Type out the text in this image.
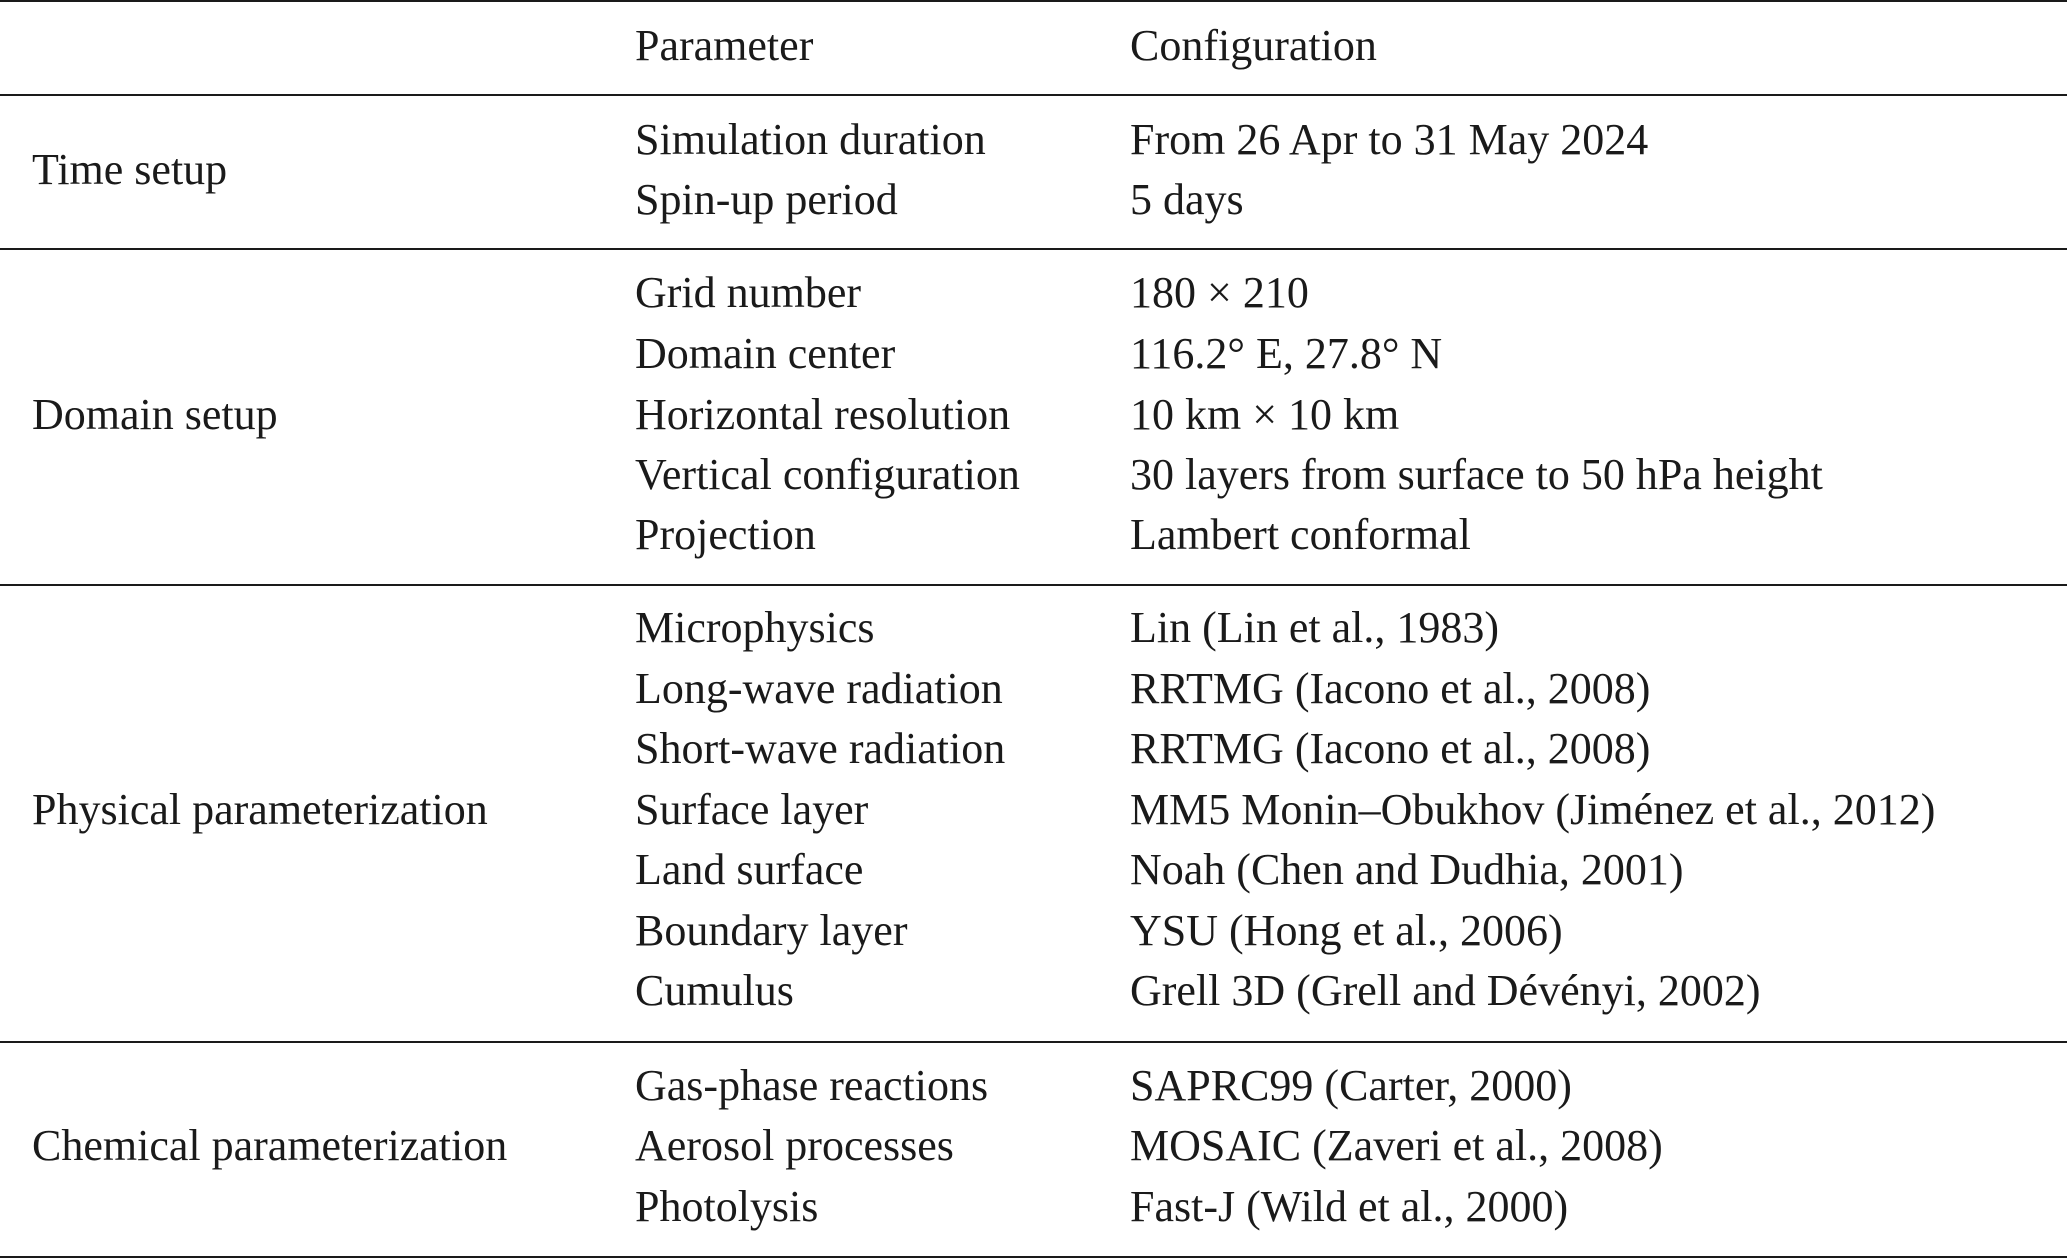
Parameter	Configuration
Time setup
Simulation duration	From 26 Apr to 31 May 2024
Spin-up period	5 days
Domain setup
Grid number	180 × 210
Domain center	116.2° E, 27.8° N
Horizontal resolution	10 km × 10 km
Vertical configuration	30 layers from surface to 50 hPa height
Projection	Lambert conformal
Physical parameterization
Microphysics	Lin (Lin et al., 1983)
Long-wave radiation	RRTMG (Iacono et al., 2008)
Short-wave radiation	RRTMG (Iacono et al., 2008)
Surface layer	MM5 Monin–Obukhov (Jiménez et al., 2012)
Land surface	Noah (Chen and Dudhia, 2001)
Boundary layer	YSU (Hong et al., 2006)
Cumulus	Grell 3D (Grell and Dévényi, 2002)
Chemical parameterization
Gas-phase reactions	SAPRC99 (Carter, 2000)
Aerosol processes	MOSAIC (Zaveri et al., 2008)
Photolysis	Fast-J (Wild et al., 2000)
